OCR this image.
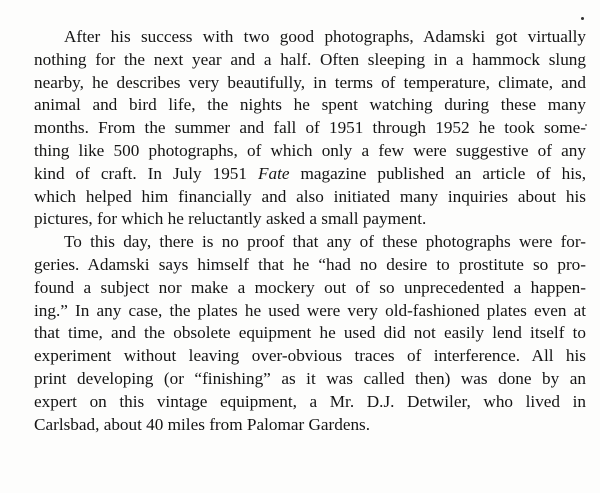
After his success with two good photographs, Adamski got virtually
nothing for the next year and a half. Often sleeping in a hammock slung
nearby, he describes very beautifully, in terms of temperature, climate, and
animal and bird life, the nights he spent watching during these many
months. From the summer and fall of 1951 through 1952 he took some-
thing like 500 photographs, of which only a few were suggestive of any
kind of craft. In July 1951 Fate magazine published an article of his,
which helped him financially and also initiated many inquiries about his
pictures, for which he reluctantly asked a small payment.
To this day, there is no proof that any of these photographs were for-
geries. Adamski says himself that he “had no desire to prostitute so pro-
found a subject nor make a mockery out of so unprecedented a happen-
ing.” In any case, the plates he used were very old-fashioned plates even at
that time, and the obsolete equipment he used did not easily lend itself to
experiment without leaving over-obvious traces of interference. All his
print developing (or “finishing” as it was called then) was done by an
expert on this vintage equipment, a Mr. D.J. Detwiler, who lived in
Carlsbad, about 40 miles from Palomar Gardens.
